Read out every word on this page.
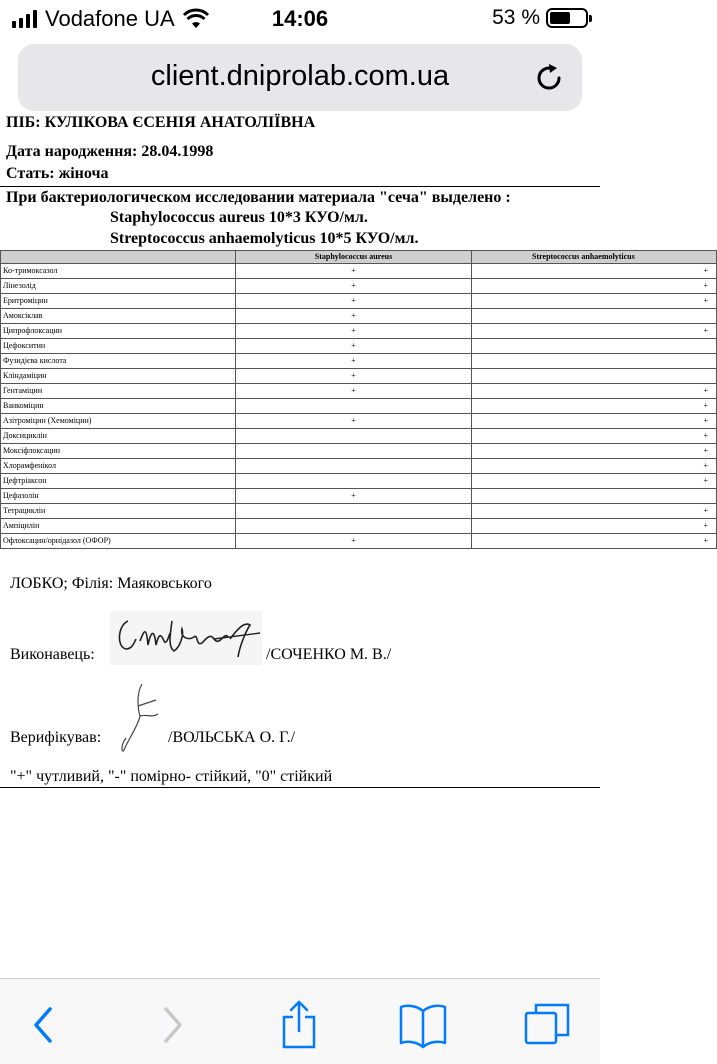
Vodafone UA	14:06	53 %
client.dniprolab.com.ua
ПІБ: КУЛІКОВА ЄСЕНІЯ АНАТОЛІЇВНА
Дата народження: 28.04.1998
Стать: жіноча
При бактериологическом исследовании материала "сеча" выделено :
Staphylococcus aureus 10*3 КУО/мл.
Streptococcus anhaemolyticus 10*5 КУО/мл.
	Staphylococcus aureus	Streptococcus anhaemolyticus
Ко-тримоксазол	+	+
Лінезолід	+	+
Еритроміцин	+	+
Амоксіклав	+	
Ципрофлоксацин	+	+
Цефокситин	+	
Фузидієва кислота	+	
Кліндаміцин	+	
Гентаміцин	+	+
Ванкоміцин		+
Азітроміцин (Хемоміцин)	+	+
Доксициклін		+
Моксіфлоксацин		+
Хлорамфенікол		+
Цефтріаксон		+
Цефазолін	+	
Тетрациклін		+
Ампіцилін		+
Офлоксацин/орнідазол (ОФОР)	+	+
ЛОБКО; Філія: Маяковського
Виконавець:	/СОЧЕНКО М. В./
Верифікував:	/ВОЛЬСЬКА О. Г./
"+" чутливий, "-" помірно- стійкий, "0" стійкий
